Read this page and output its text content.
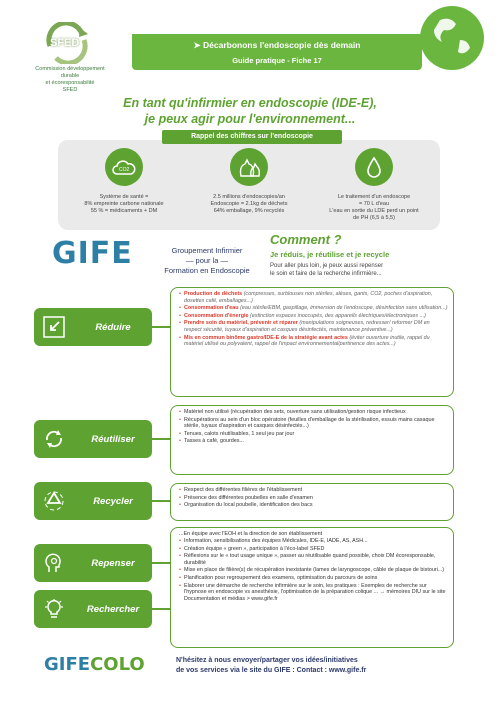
SFED
Commission développement durable
et écoresponsabilité
SFED
➤ Décarbonons l'endoscopie dès demain
Guide pratique - Fiche 17
En tant qu'infirmier en endoscopie (IDE-E),
je peux agir pour l'environnement...
CO2
Système de santé =
8% empreinte carbone nationale
55 % = médicaments + DM
2.5 millions d'endoscopies/an
Endoscopie = 2.1kg de déchets
64% emballage, 9% recyclés
Le traitement d'un endoscope
= 70 L d'eau
L'eau en sortie du LDE perd un point
de PH (6,5 à 5,5)
Rappel des chiffres sur l'endoscopie
GIFE	Groupement Infirmier
— pour la —
Formation en Endoscopie
Comment ?
Je réduis, je réutilise et je recycle
Pour aller plus loin, je peux aussi repenser
le soin et faire de la recherche infirmière...
Réduire
• Production de déchets (compresses, surblouses non stériles, alèses, gants, CO2, poches d'aspiration, dosettes café, emballages...)
• Consommation d'eau (eau stérile/EBM, gaspillage, immersion de l'endoscope, désinfection sans utilisation...)
• Consommation d'énergie (extinction espaces inoccupés, des appareils électriques/électroniques ...)
• Prendre soin du matériel, prévenir et réparer (manipulations soigneuses, redresser/ reformer DM en respect sécurité, tuyaux d'aspiration et casques désinfectés, maintenance préventive...)
• Mis en commun binôme gastro/IDE-E de la stratégie avant actes (éviter ouverture inutile, rappel du matériel utilisé ou polyvalent, rappel de l'impact environnemental/pertinence des actes...)
Réutiliser
• Matériel non utilisé (récupération des sets, ouverture sans utilisation/gestion risque infectieux
• Récupérations au sein d'un bloc opératoire (feuilles d'emballage de la stérilisation, essuis mains casaque stérile, tuyaux d'aspiration et casques désinfectés...)
• Tenues, calots réutilisables, 1 seul jeu par jour
• Tasses à café, gourdes...
Recycler
• Respect des différentes filières de l'établissement
• Présence des différentes poubelles en salle d'examen
• Organisation du local poubelle, identification des bacs
Repenser
Rechercher
...En équipe avec l'EOH et la direction de son établissement
• Information, sensibilisations des équipes Médicales, IDE-E, IADE, AS, ASH...
• Création équipe « green », participation à l'éco-label SFED
• Réflexions sur le « tout usage unique », passer au réutilisable quand possible, choix DM écoresponsable, durabilité
• Mise en place de filière(s) de récupération inexistante (lames de laryngoscope, câble de plaque de bistouri...)
• Planification pour regroupement des examens, optimisation du parcours de soins
• Elaborer une démarche de recherche infirmière sur le soin, les pratiques : Exemples de recherche sur l'hypnose en endoscopie vs anesthésie, l'optimisation de la préparation colique ... → mémoires DIU sur le site Documentation et médias > www.gife.fr
GIFECOLO	N'hésitez à nous envoyer/partager vos idées/initiatives
de vos services via le site du GIFE : Contact : www.gife.fr
